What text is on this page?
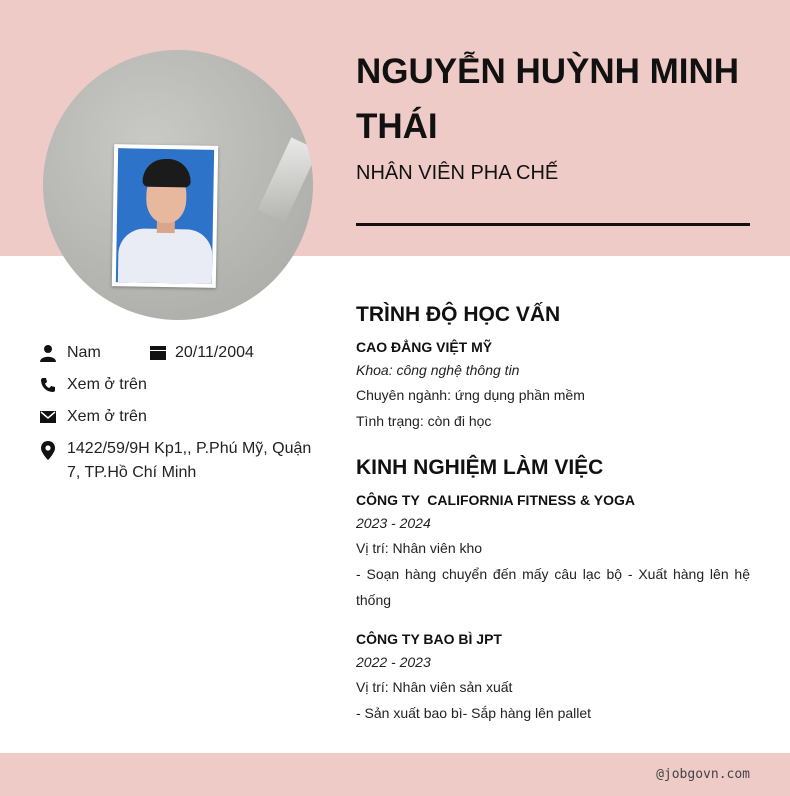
NGUYỄN HUỲNH MINH THÁI
NHÂN VIÊN PHA CHẾ
Nam	20/11/2004
Xem ở trên
Xem ở trên
1422/59/9H Kp1,, P.Phú Mỹ, Quận 7, TP.Hồ Chí Minh
TRÌNH ĐỘ HỌC VẤN
CAO ĐẲNG VIỆT MỸ
Khoa: công nghệ thông tin
Chuyên ngành: ứng dụng phần mềm
Tình trạng: còn đi học
KINH NGHIỆM LÀM VIỆC
CÔNG TY  CALIFORNIA FITNESS & YOGA
2023 - 2024
Vị trí: Nhân viên kho
- Soạn hàng chuyển đến mấy câu lạc bộ - Xuất hàng lên hệ thống
CÔNG TY BAO BÌ JPT
2022 - 2023
Vị trí: Nhân viên sản xuất
- Sản xuất bao bì- Sắp hàng lên pallet
@jobgovn.com
